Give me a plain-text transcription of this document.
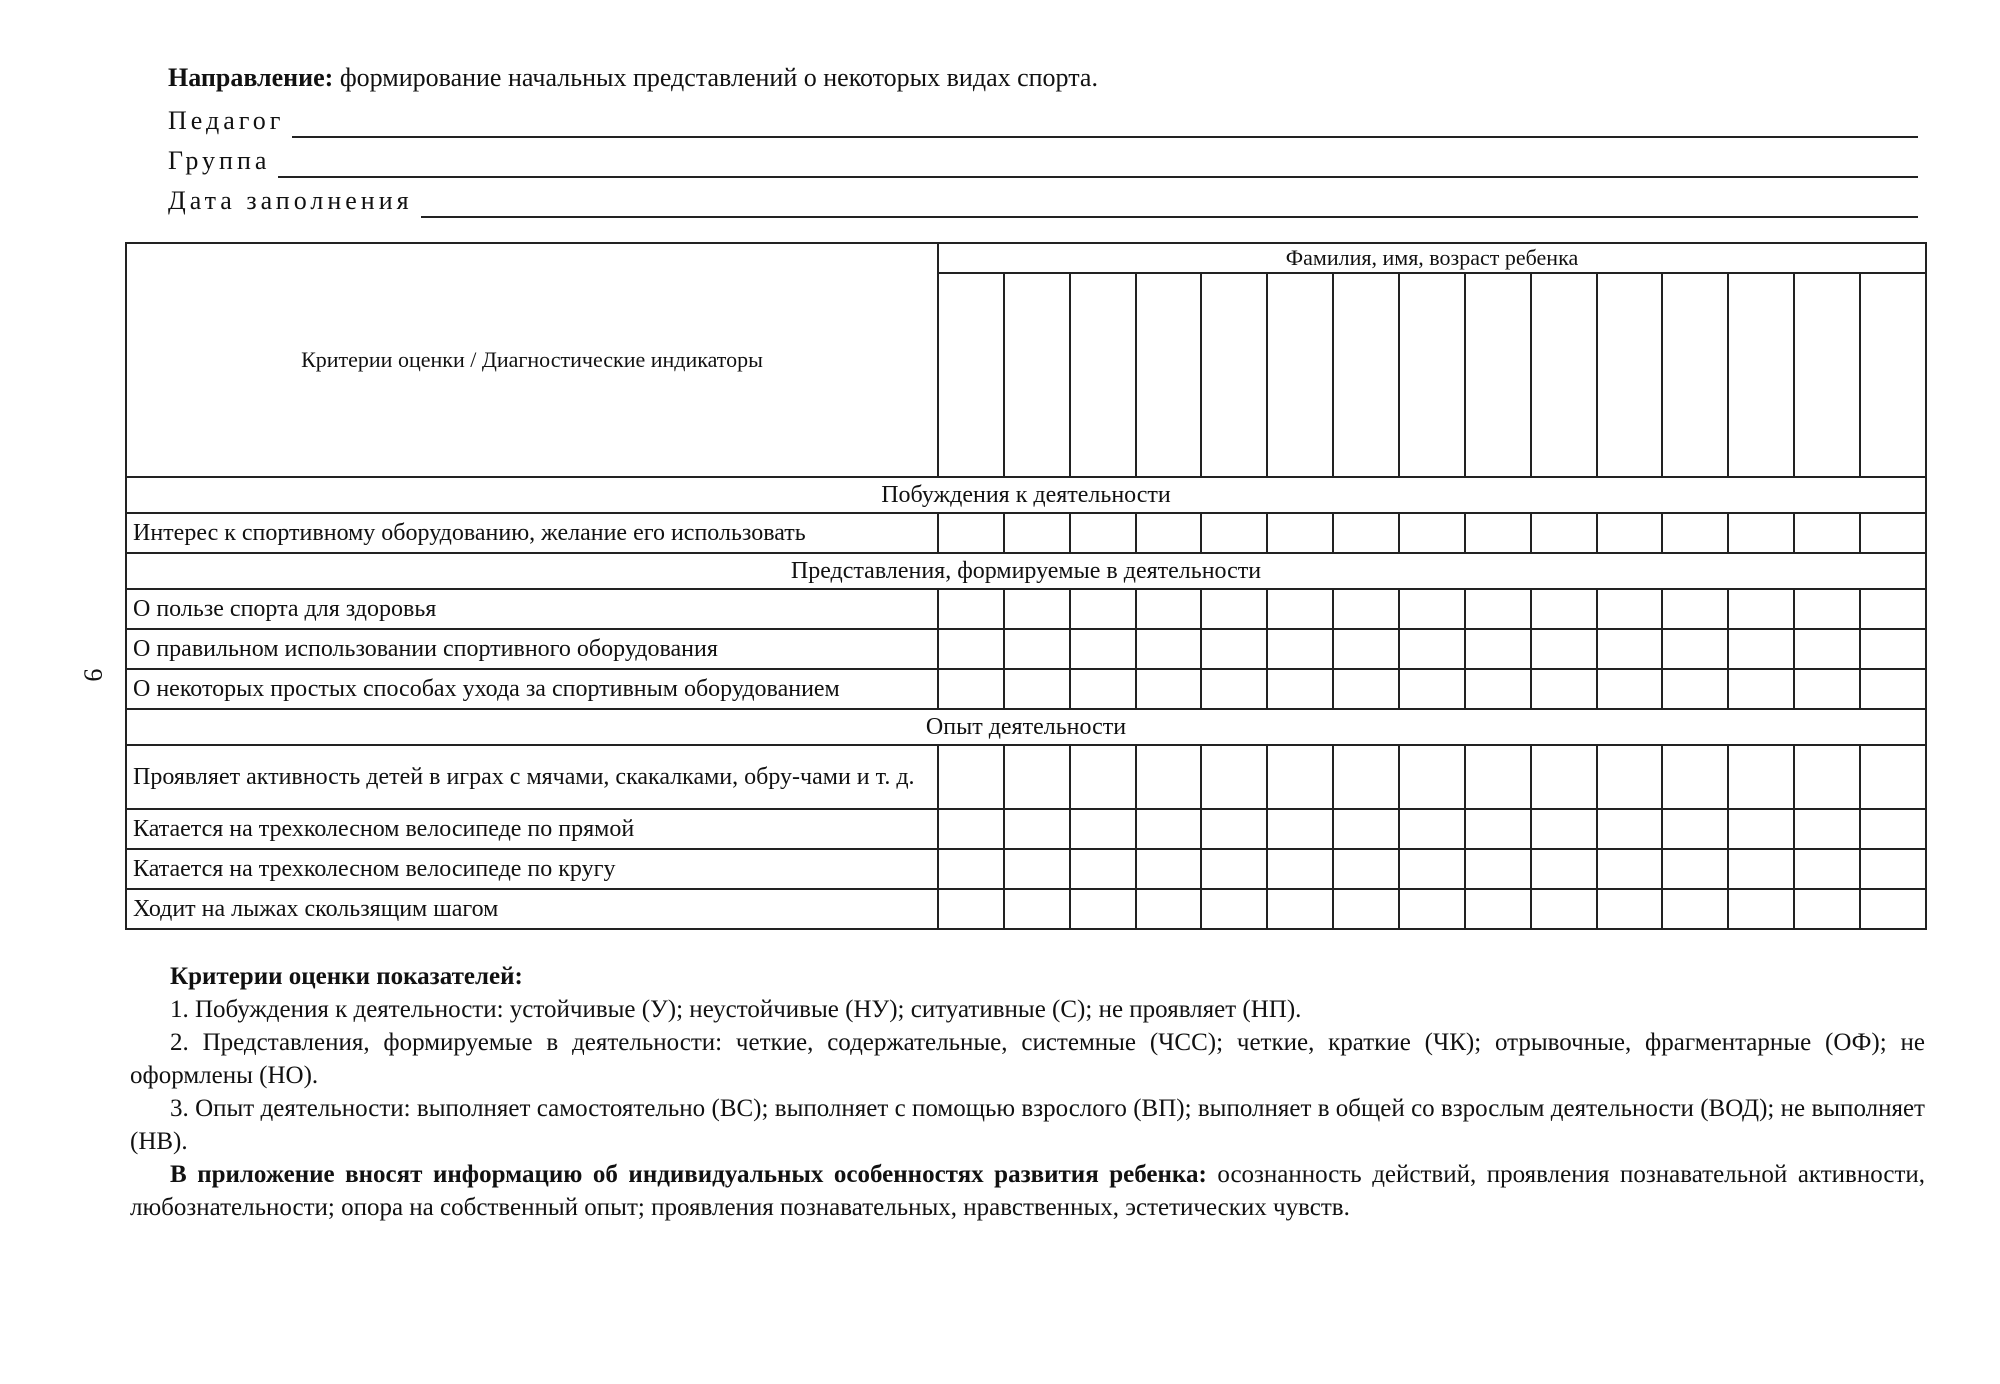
Направление: формирование начальных представлений о некоторых видах спорта.
Педагог
Группа
Дата заполнения
9
Критерии оценки / Диагностические индикаторы	Фамилия, имя, возраст ребенка														

Побуждения к деятельности															
Интерес к спортивному оборудованию, желание его использовать															
Представления, формируемые в деятельности															
О пользе спорта для здоровья															
О правильном использовании спортивного оборудования															
О некоторых простых способах ухода за спортивным оборудованием															
Опыт деятельности															
Проявляет активность детей в играх с мячами, скакалками, обру-чами и т. д.															
Катается на трехколесном велосипеде по прямой															
Катается на трехколесном велосипеде по кругу															
Ходит на лыжах скользящим шагом															

Критерии оценки показателей:

1. Побуждения к деятельности: устойчивые (У); неустойчивые (НУ); ситуативные (С); не проявляет (НП).

2. Представления, формируемые в деятельности: четкие, содержательные, системные (ЧСС); четкие, краткие (ЧК); отрывочные, фрагментарные (ОФ); не оформлены (НО).

3. Опыт деятельности: выполняет самостоятельно (ВС); выполняет с помощью взрослого (ВП); выполняет в общей со взрослым деятельности (ВОД); не выполняет (НВ).

В приложение вносят информацию об индивидуальных особенностях развития ребенка: осознанность действий, проявления познавательной активности, любознательности; опора на собственный опыт; проявления познавательных, нравственных, эстетических чувств.
